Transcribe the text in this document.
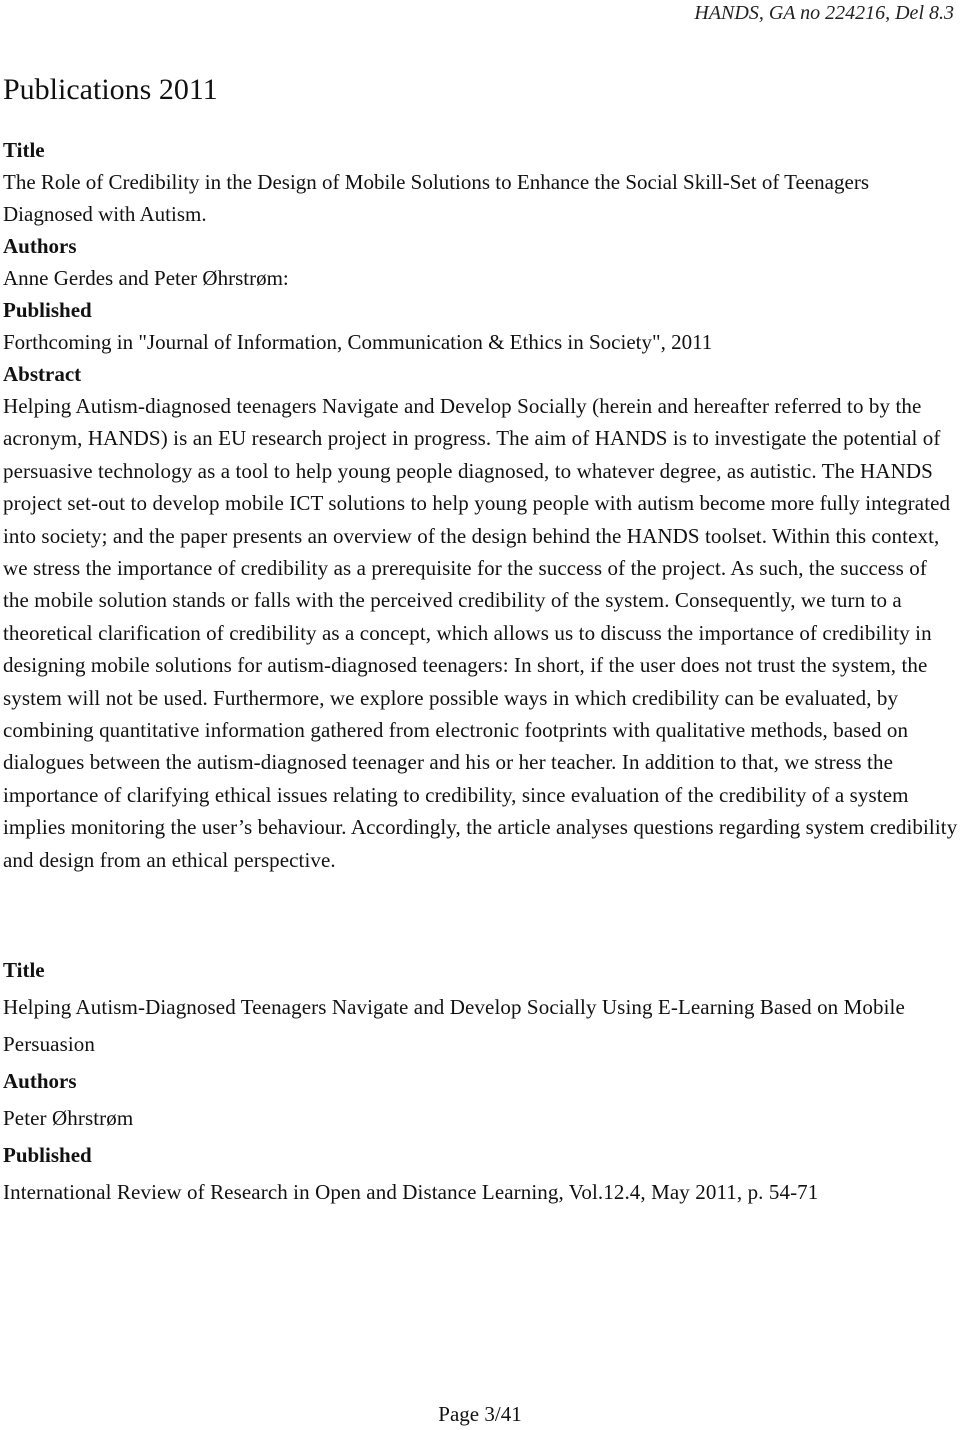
HANDS, GA no 224216, Del 8.3
Publications 2011

Title

The Role of Credibility in the Design of Mobile Solutions to Enhance the Social Skill-Set of Teenagers Diagnosed with Autism.

Authors

Anne Gerdes and Peter Øhrstrøm:

Published

Forthcoming in "Journal of Information, Communication & Ethics in Society", 2011

Abstract

Helping Autism-diagnosed teenagers Navigate and Develop Socially (herein and hereafter referred to by the acronym, HANDS) is an EU research project in progress. The aim of HANDS is to investigate the potential of persuasive technology as a tool to help young people diagnosed, to whatever degree, as autistic. The HANDS project set-out to develop mobile ICT solutions to help young people with autism become more fully integrated into society; and the paper presents an overview of the design behind the HANDS toolset. Within this context, we stress the importance of credibility as a prerequisite for the success of the project. As such, the success of the mobile solution stands or falls with the perceived credibility of the system. Consequently, we turn to a theoretical clarification of credibility as a concept, which allows us to discuss the importance of credibility in designing mobile solutions for autism-diagnosed teenagers: In short, if the user does not trust the system, the system will not be used. Furthermore, we explore possible ways in which credibility can be evaluated, by combining quantitative information gathered from electronic footprints with qualitative methods, based on dialogues between the autism-diagnosed teenager and his or her teacher. In addition to that, we stress the importance of clarifying ethical issues relating to credibility, since evaluation of the credibility of a system implies monitoring the user’s behaviour. Accordingly, the article analyses questions regarding system credibility and design from an ethical perspective.

Title

Helping Autism-Diagnosed Teenagers Navigate and Develop Socially Using E-Learning Based on Mobile Persuasion

Authors

Peter Øhrstrøm

Published

International Review of Research in Open and Distance Learning, Vol.12.4, May 2011, p. 54-71

Page 3/41
